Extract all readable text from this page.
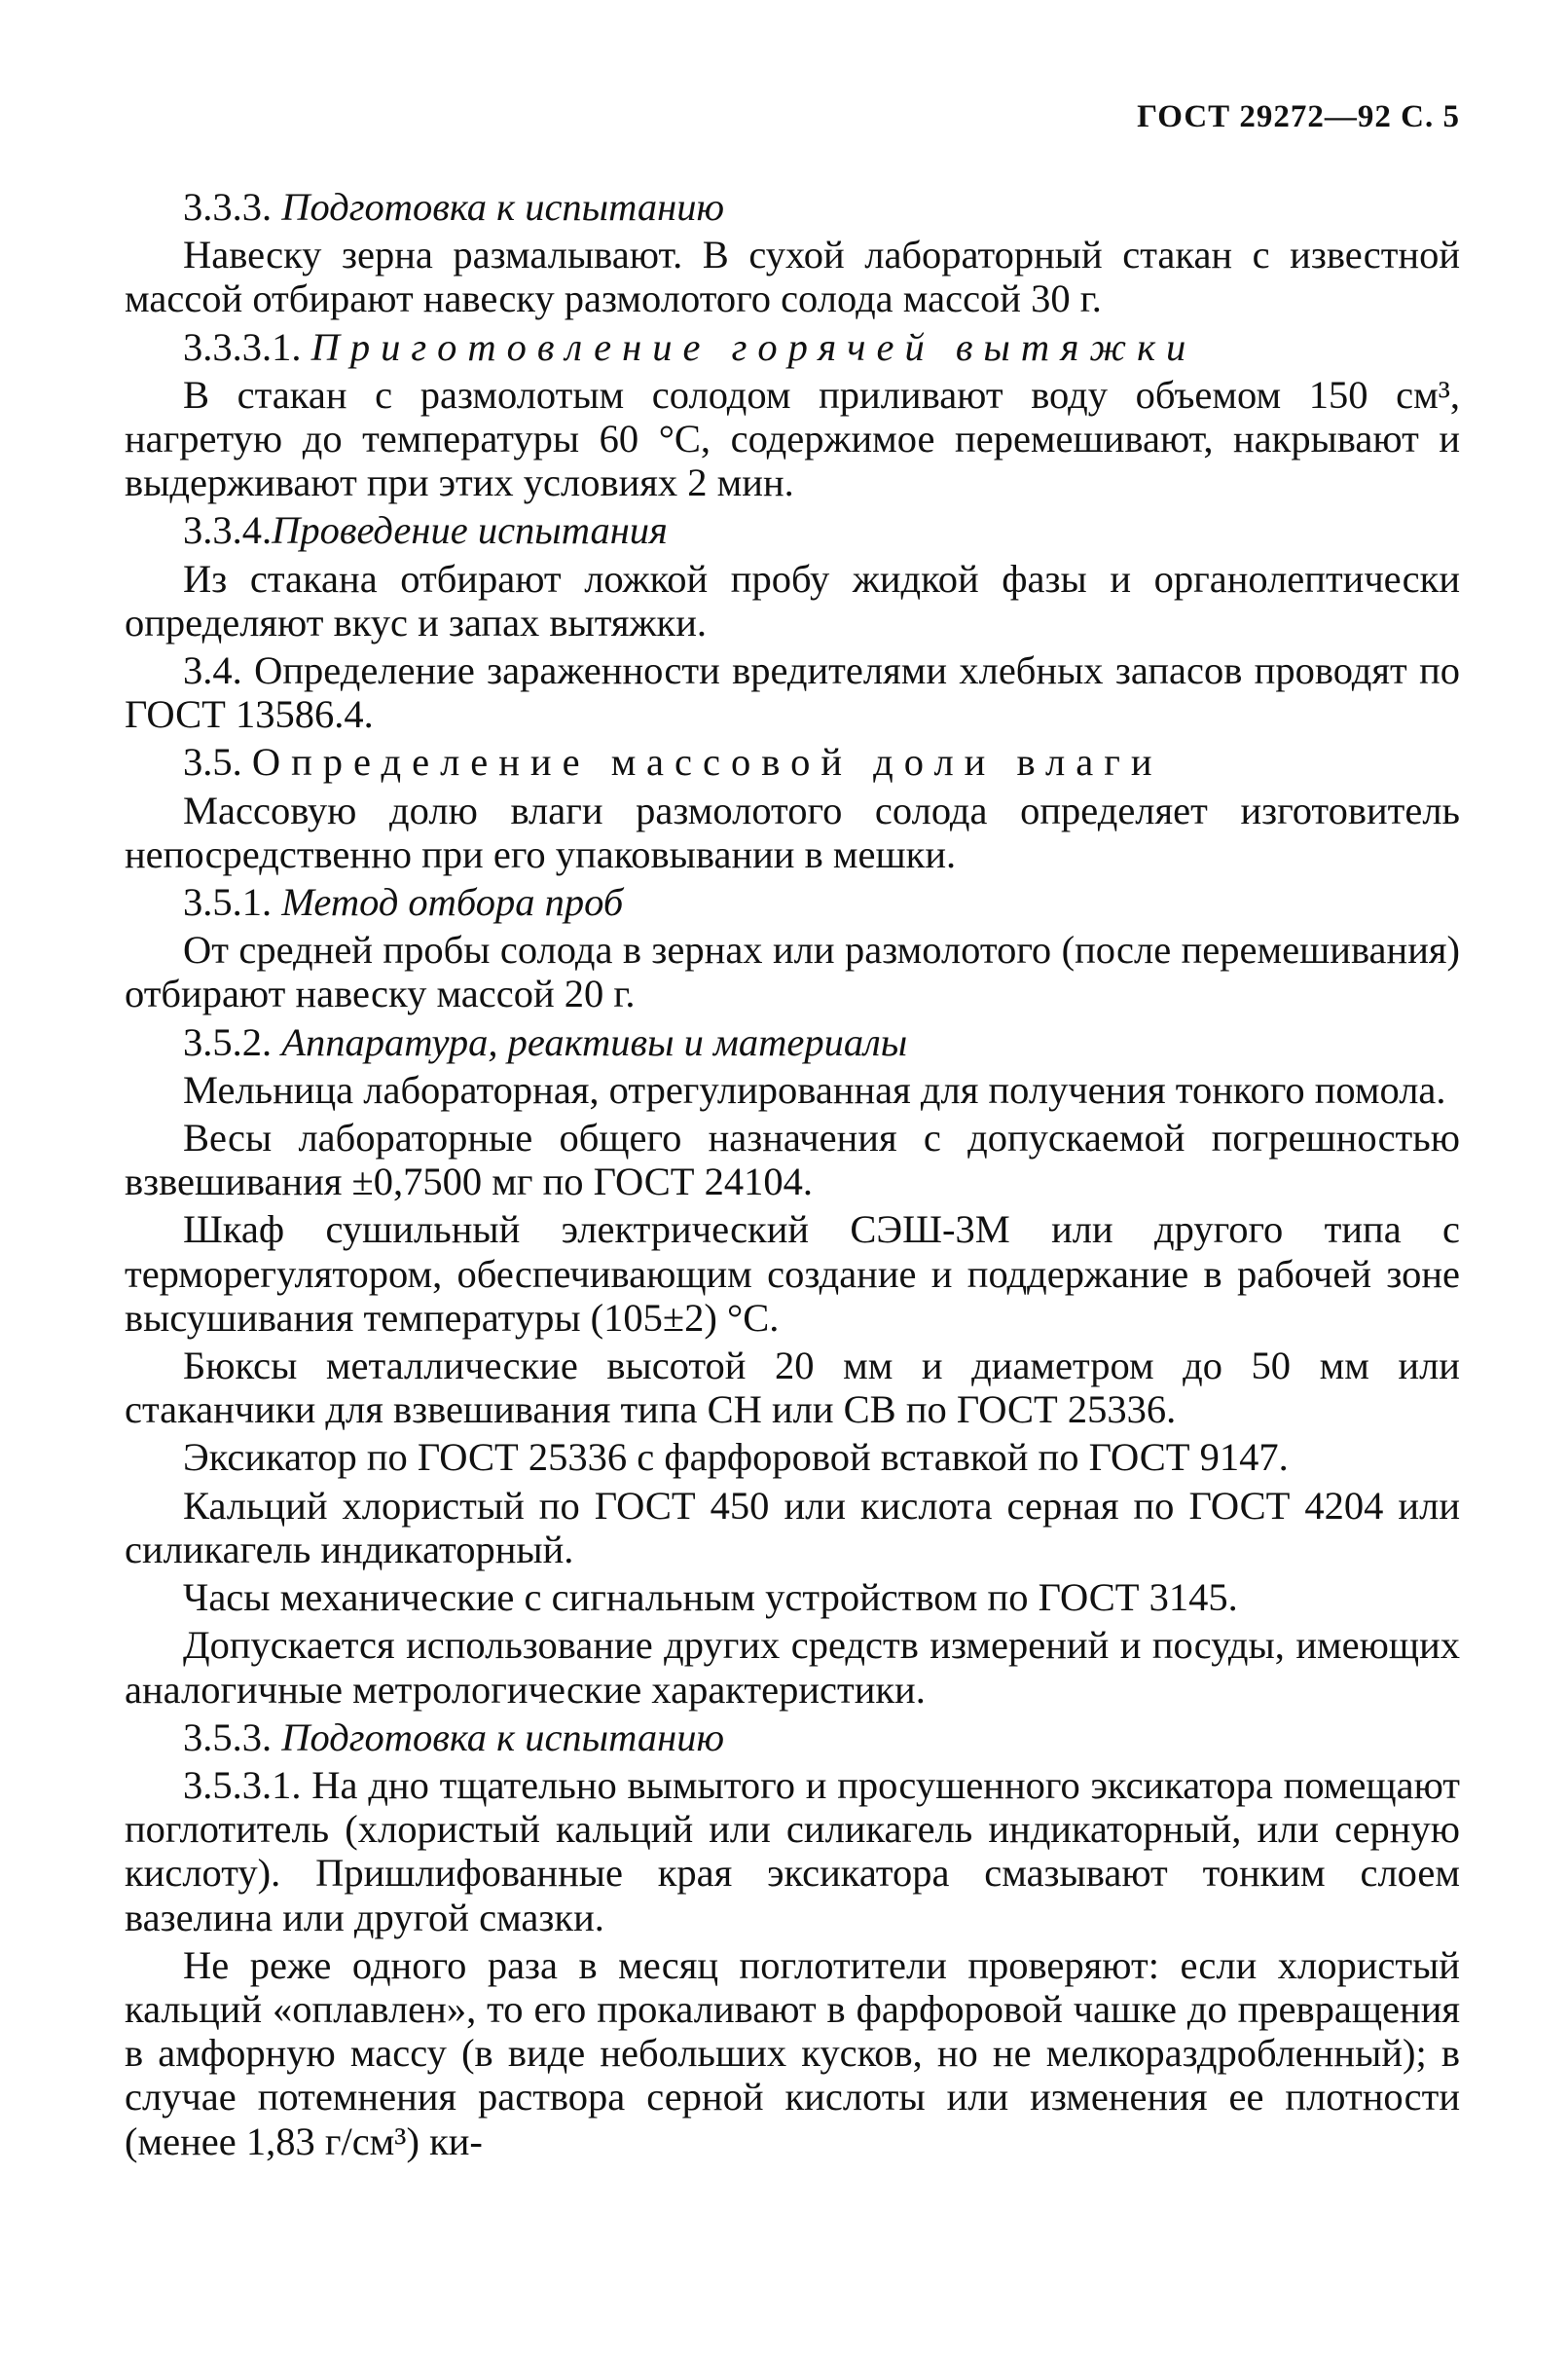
ГОСТ 29272—92 С. 5

3.3.3. Подготовка к испытанию

Навеску зерна размалывают. В сухой лабораторный стакан с известной массой отбирают навеску размолотого солода массой 30 г.

3.3.3.1. Приготовление горячей вытяжки

В стакан с размолотым солодом приливают воду объемом 150 см³, нагретую до температуры 60 °С, содержимое перемешивают, накрывают и выдерживают при этих условиях 2 мин.

3.3.4.Проведение испытания

Из стакана отбирают ложкой пробу жидкой фазы и органолептически определяют вкус и запах вытяжки.

3.4. Определение зараженности вредителями хлебных запасов проводят по ГОСТ 13586.4.

3.5. Определение массовой доли влаги

Массовую долю влаги размолотого солода определяет изготовитель непосредственно при его упаковывании в мешки.

3.5.1. Метод отбора проб

От средней пробы солода в зернах или размолотого (после перемешивания) отбирают навеску массой 20 г.

3.5.2. Аппаратура, реактивы и материалы

Мельница лабораторная, отрегулированная для получения тонкого помола.

Весы лабораторные общего назначения с допускаемой погрешностью взвешивания ±0,7500 мг по ГОСТ 24104.

Шкаф сушильный электрический СЭШ-3М или другого типа с терморегулятором, обеспечивающим создание и поддержание в рабочей зоне высушивания температуры (105±2) °С.

Бюксы металлические высотой 20 мм и диаметром до 50 мм или стаканчики для взвешивания типа СН или СВ по ГОСТ 25336.

Эксикатор по ГОСТ 25336 с фарфоровой вставкой по ГОСТ 9147.

Кальций хлористый по ГОСТ 450 или кислота серная по ГОСТ 4204 или силикагель индикаторный.

Часы механические с сигнальным устройством по ГОСТ 3145.

Допускается использование других средств измерений и посуды, имеющих аналогичные метрологические характеристики.

3.5.3. Подготовка к испытанию

3.5.3.1. На дно тщательно вымытого и просушенного эксикатора помещают поглотитель (хлористый кальций или силикагель индикаторный, или серную кислоту). Пришлифованные края эксикатора смазывают тонким слоем вазелина или другой смазки.

Не реже одного раза в месяц поглотители проверяют: если хлористый кальций «оплавлен», то его прокаливают в фарфоровой чашке до превращения в амфорную массу (в виде небольших кусков, но не мелкораздробленный); в случае потемнения раствора серной кислоты или изменения ее плотности (менее 1,83 г/см³) ки-
